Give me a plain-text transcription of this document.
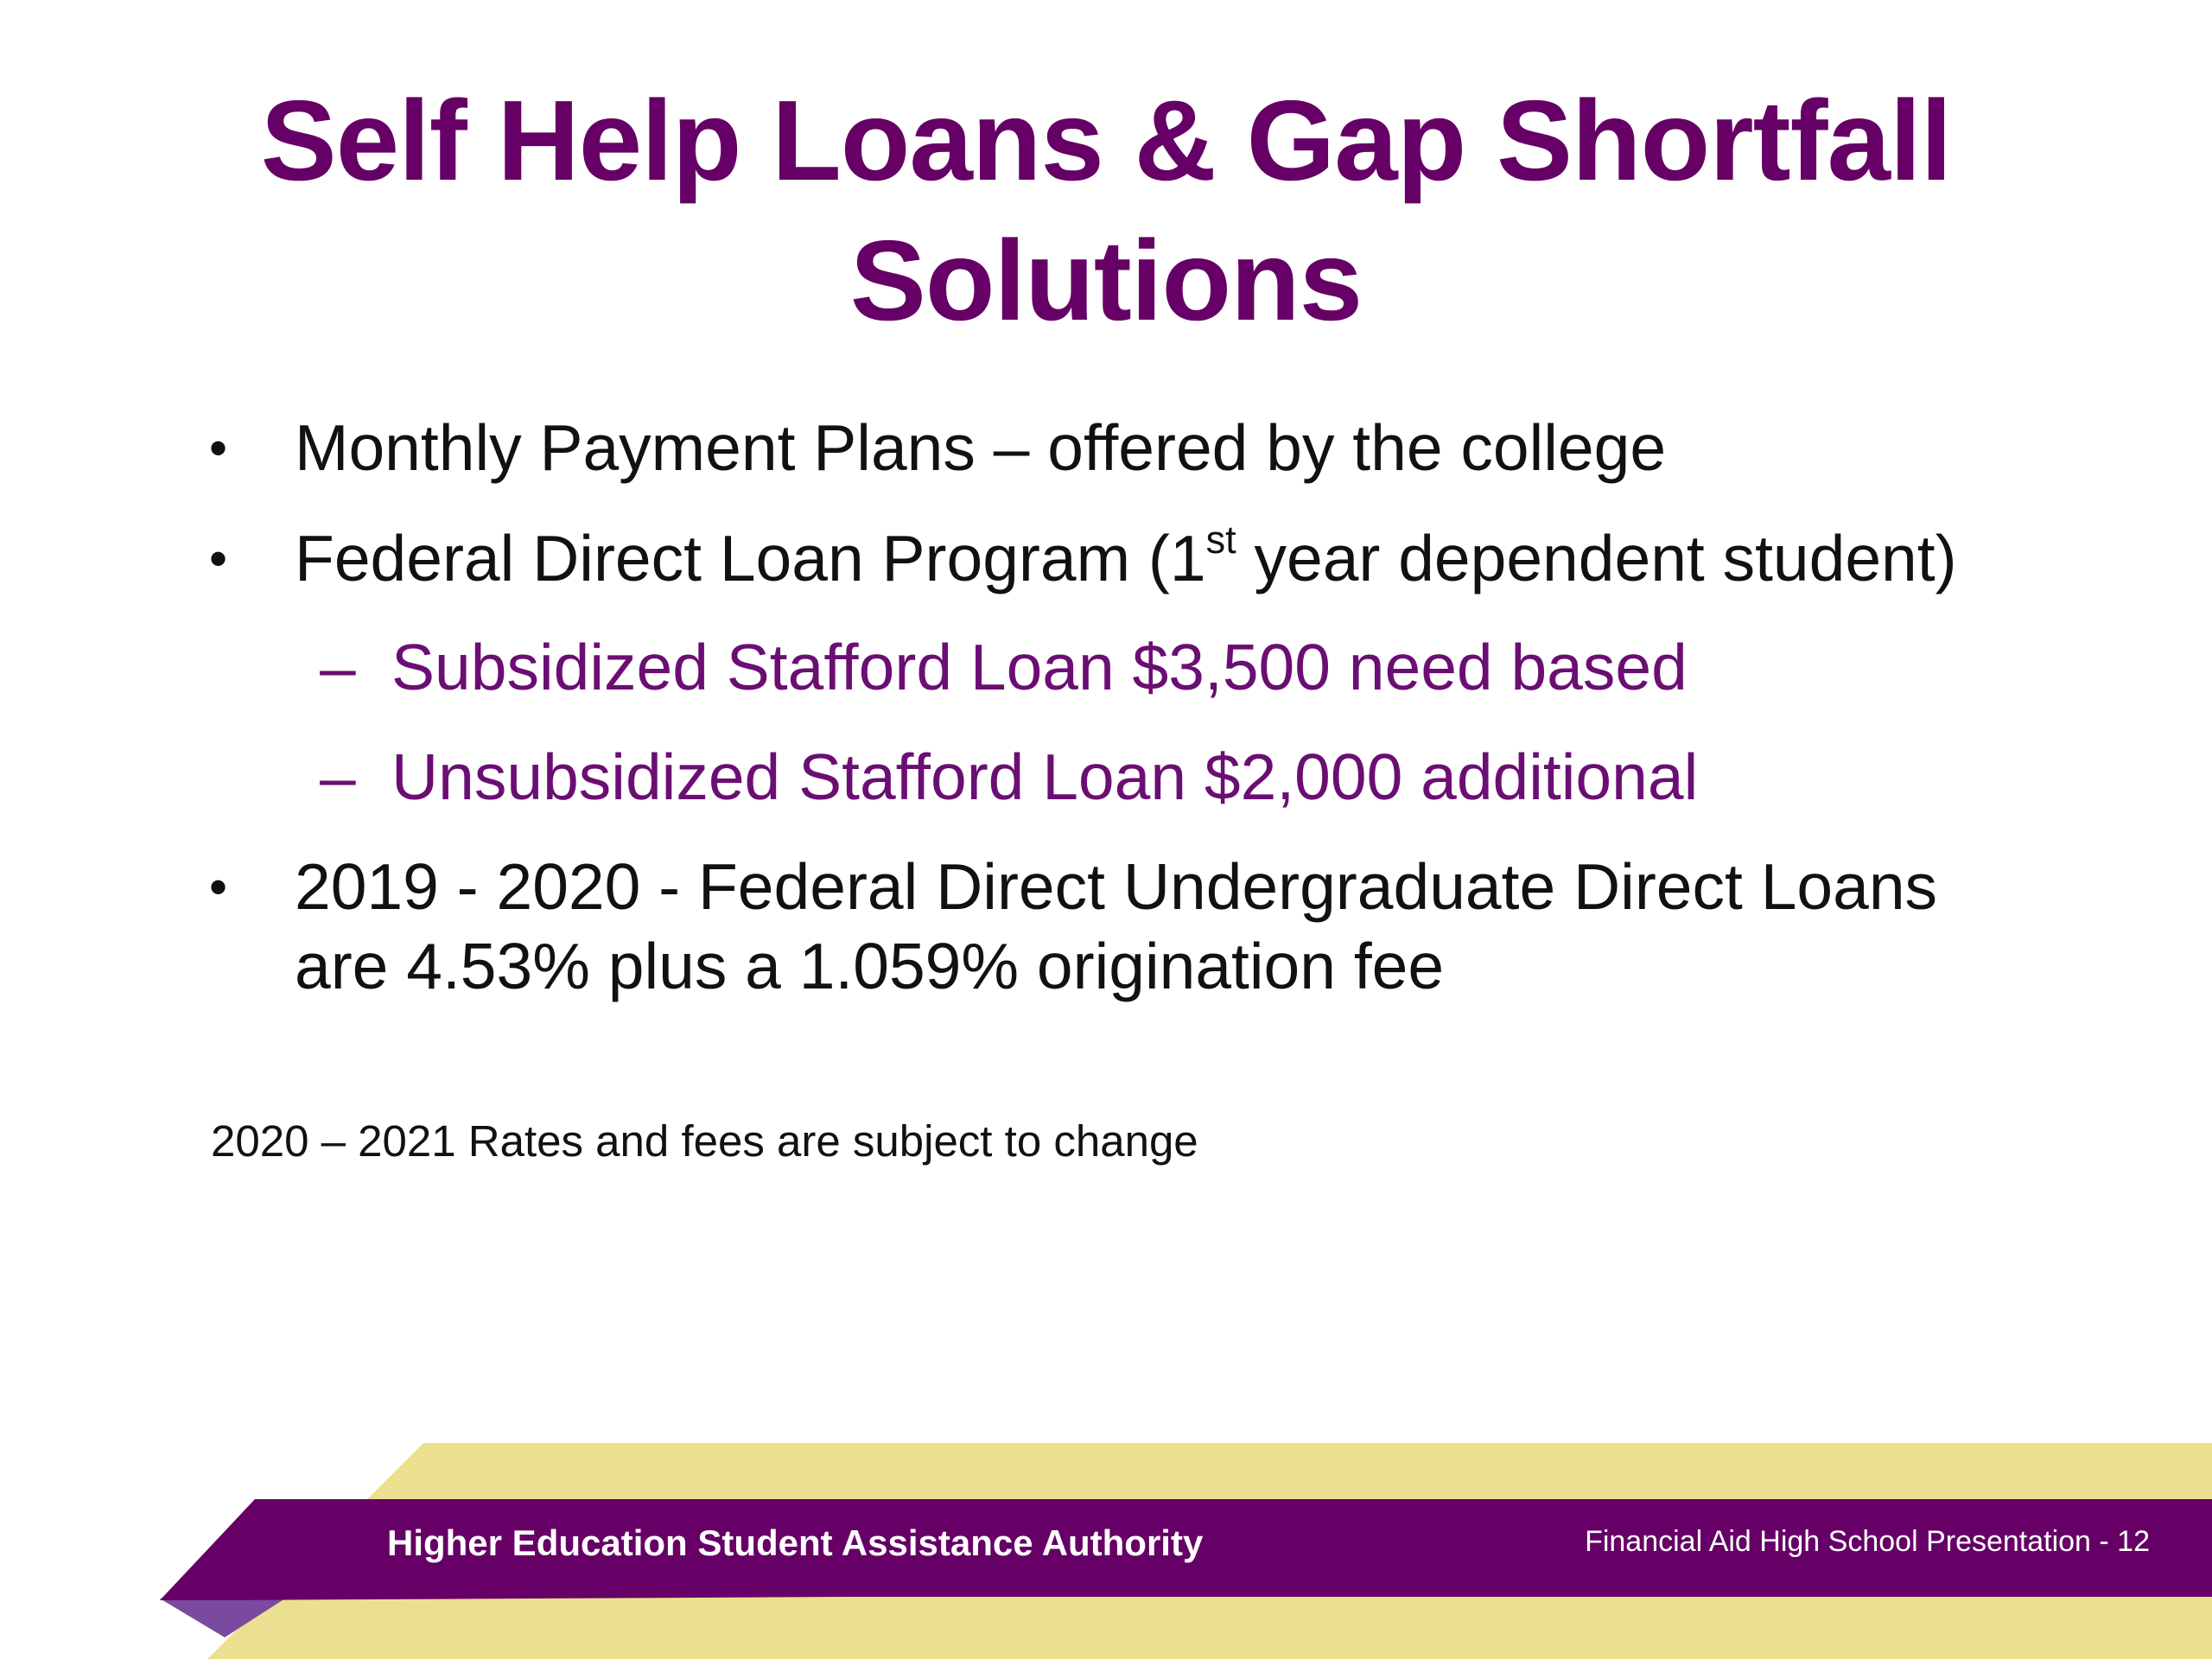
Self Help Loans & Gap Shortfall
Solutions
• Monthly Payment Plans – offered by the college
• Federal Direct Loan Program (1st year dependent student)
– Subsidized Stafford Loan $3,500 need based
– Unsubsidized Stafford Loan $2,000 additional
• 2019 - 2020 - Federal Direct Undergraduate Direct Loans
are 4.53% plus a 1.059% origination fee
2020 – 2021 Rates and fees are subject to change
Higher Education Student Assistance Authority	Financial Aid High School Presentation - 12
